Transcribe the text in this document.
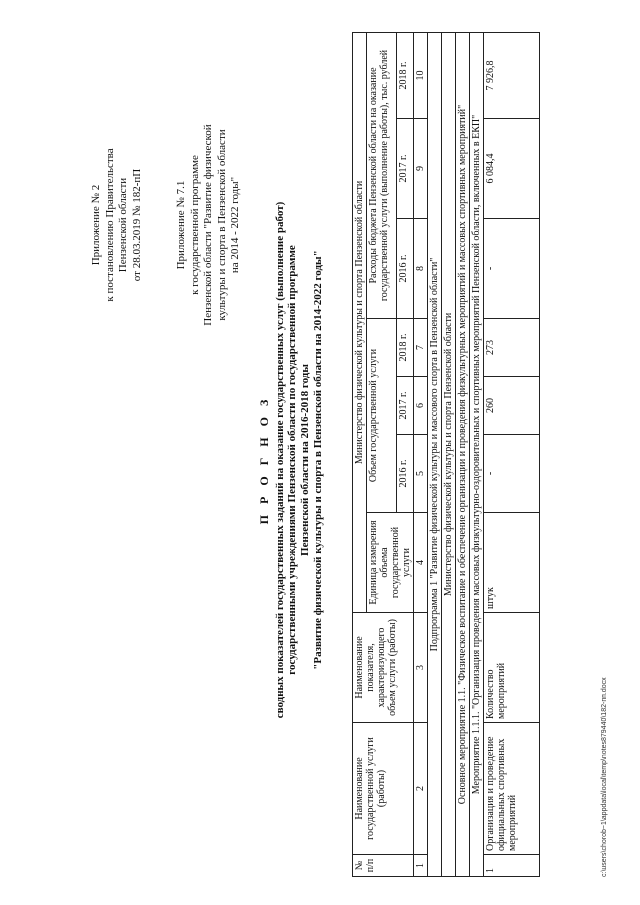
Приложение № 2 к постановлению Правительства Пензенской области от 28.03.2019 № 182-пП	Приложение № 7.1 к государственной программе Пензенской области "Развитие физической культуры и спорта в Пензенской области на 2014 - 2022 годы"
П Р О Г Н О З сводных показателей государственных заданий на оказание государственных услуг (выполнение работ) государственными учреждениями Пензенской области по государственной программе Пензенской области на 2016-2018 годы "Развитие физической культуры и спорта в Пензенской области на 2014-2022 годы"
№ п/п	Наименование государственной услуги (работы)	Наименование показателя, характеризующего объем услуги (работы)	Министерство физической культуры и спорта Пензенской области						
			Единица измерения объема государственной услуги	Объем государственной услуги			Расходы бюджета Пензенской области на оказание государственной услуги (выполнение работы), тыс. рублей		
				2016 г.	2017 г.	2018 г.	2016 г.	2017 г.	2018 г.
1	2	3	4	5	6	7	8	9	10
Подпрограмма 1 "Развитие физической культуры и массового спорта в Пензенской области"									
Министерство физической культуры и спорта Пензенской области									
Основное мероприятие 1.1. "Физическое воспитание и обеспечение организации и проведения физкультурных мероприятий и массовых спортивных мероприятий"									
Мероприятие 1.1.1. "Организация проведения массовых физкультурно-оздоровительных и спортивных мероприятий Пензенской области, включенных в ЕКП"									
1	Организация и проведение официальных спортивных мероприятий	Количество мероприятий	штук	-	260	273	-	6 084,4	7 926,8
c:\users\chorob~1\appdata\local\temp\notes879440\182-пп.docx
